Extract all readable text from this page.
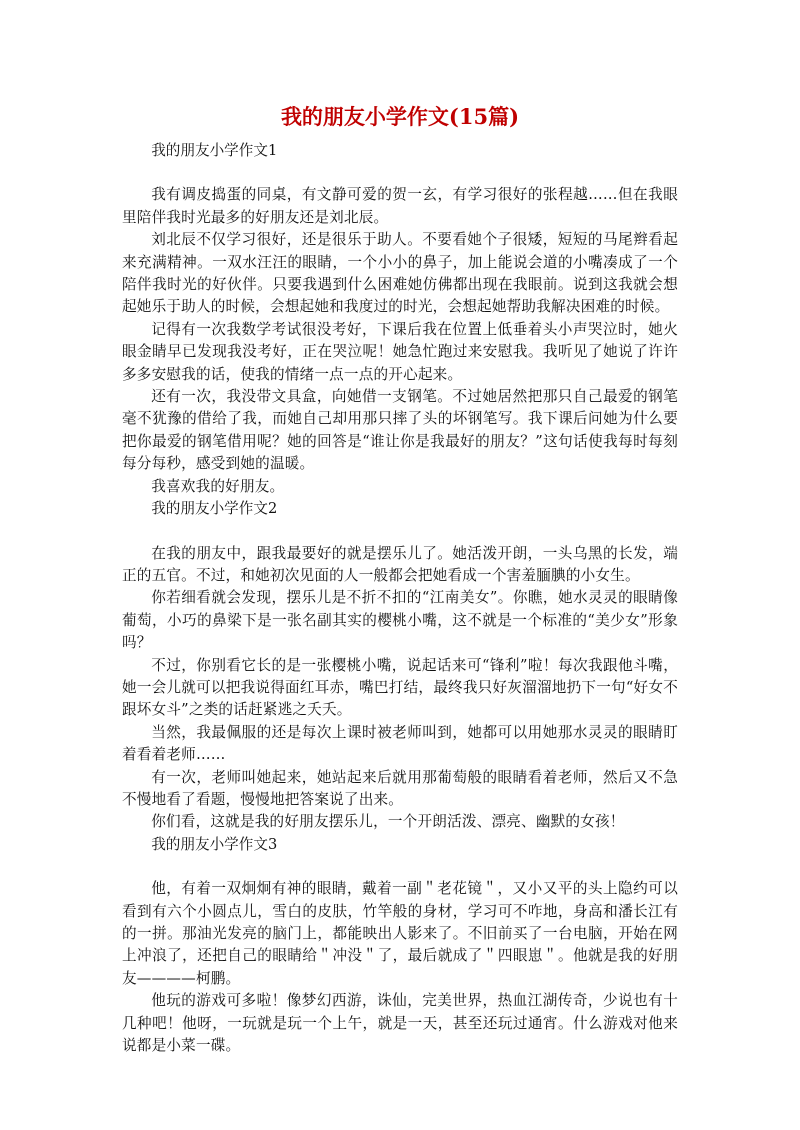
我的朋友小学作文(15篇)

我的朋友小学作文1

我有调皮捣蛋的同桌，有文静可爱的贺一玄，有学习很好的张程越……但在我眼里陪伴我时光最多的好朋友还是刘北辰。

刘北辰不仅学习很好，还是很乐于助人。不要看她个子很矮，短短的马尾辫看起来充满精神。一双水汪汪的眼睛，一个小小的鼻子，加上能说会道的小嘴凑成了一个陪伴我时光的好伙伴。只要我遇到什么困难她仿佛都出现在我眼前。说到这我就会想起她乐于助人的时候，会想起她和我度过的时光，会想起她帮助我解决困难的时候。

记得有一次我数学考试很没考好，下课后我在位置上低垂着头小声哭泣时，她火眼金睛早已发现我没考好，正在哭泣呢！她急忙跑过来安慰我。我听见了她说了许许多多安慰我的话，使我的情绪一点一点的开心起来。

还有一次，我没带文具盒，向她借一支钢笔。不过她居然把那只自己最爱的钢笔毫不犹豫的借给了我，而她自己却用那只摔了头的坏钢笔写。我下课后问她为什么要把你最爱的钢笔借用呢？她的回答是“谁让你是我最好的朋友？”这句话使我每时每刻每分每秒，感受到她的温暖。

我喜欢我的好朋友。

我的朋友小学作文2

在我的朋友中，跟我最要好的就是摆乐儿了。她活泼开朗，一头乌黑的长发，端正的五官。不过，和她初次见面的人一般都会把她看成一个害羞腼腆的小女生。

你若细看就会发现，摆乐儿是不折不扣的“江南美女”。你瞧，她水灵灵的眼睛像葡萄，小巧的鼻梁下是一张名副其实的樱桃小嘴，这不就是一个标准的“美少女”形象吗？

不过，你别看它长的是一张樱桃小嘴，说起话来可“锋利”啦！每次我跟他斗嘴，她一会儿就可以把我说得面红耳赤，嘴巴打结，最终我只好灰溜溜地扔下一句“好女不跟坏女斗”之类的话赶紧逃之夭夭。

当然，我最佩服的还是每次上课时被老师叫到，她都可以用她那水灵灵的眼睛盯着看着老师……

有一次，老师叫她起来，她站起来后就用那葡萄般的眼睛看着老师，然后又不急不慢地看了看题，慢慢地把答案说了出来。

你们看，这就是我的好朋友摆乐儿，一个开朗活泼、漂亮、幽默的女孩！

我的朋友小学作文3

他，有着一双炯炯有神的眼睛，戴着一副＂老花镜＂，又小又平的头上隐约可以看到有六个小圆点儿，雪白的皮肤，竹竿般的身材，学习可不咋地，身高和潘长江有的一拼。那油光发亮的脑门上，都能映出人影来了。不旧前买了一台电脑，开始在网上冲浪了，还把自己的眼睛给＂冲没＂了，最后就成了＂四眼崽＂。他就是我的好朋友————柯鹏。

他玩的游戏可多啦！像梦幻西游，诛仙，完美世界，热血江湖传奇，少说也有十几种吧！他呀，一玩就是玩一个上午，就是一天，甚至还玩过通宵。什么游戏对他来说都是小菜一碟。
